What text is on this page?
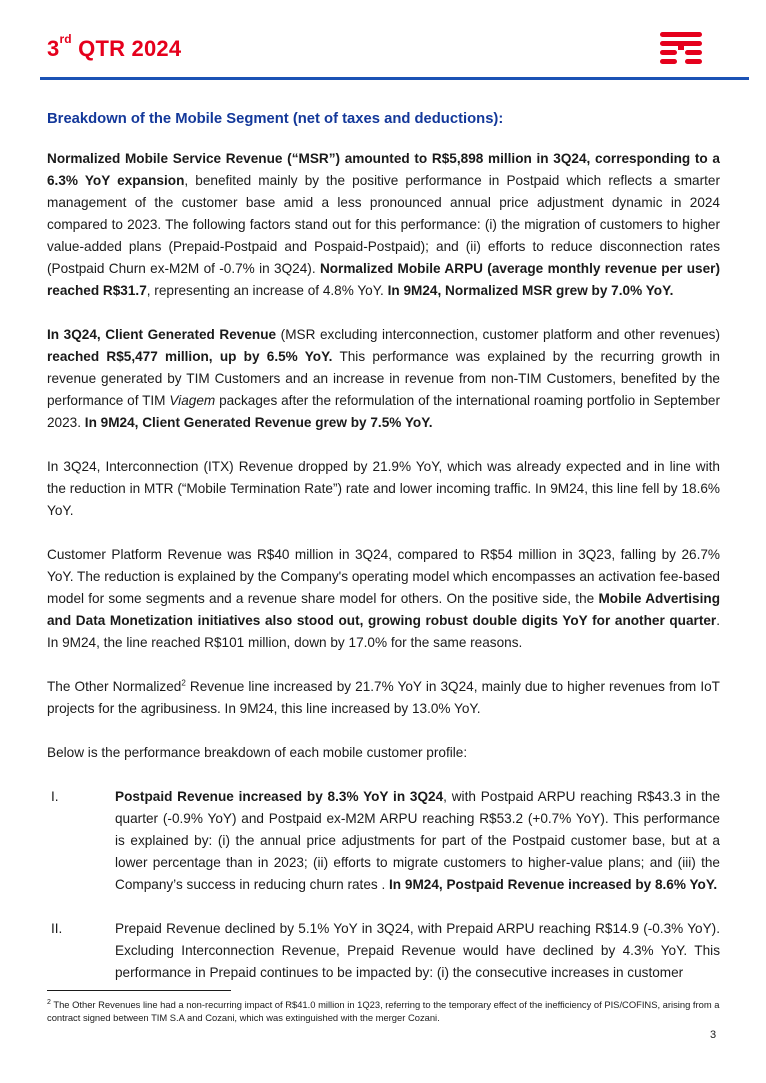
3rd QTR 2024
Breakdown of the Mobile Segment (net of taxes and deductions):

Normalized Mobile Service Revenue (“MSR”) amounted to R$5,898 million in 3Q24, corresponding to a 6.3% YoY expansion, benefited mainly by the positive performance in Postpaid which reflects a smarter management of the customer base amid a less pronounced annual price adjustment dynamic in 2024 compared to 2023. The following factors stand out for this performance: (i) the migration of customers to higher value-added plans (Prepaid-Postpaid and Pospaid-Postpaid); and (ii) efforts to reduce disconnection rates (Postpaid Churn ex-M2M of -0.7% in 3Q24). Normalized Mobile ARPU (average monthly revenue per user) reached R$31.7, representing an increase of 4.8% YoY. In 9M24, Normalized MSR grew by 7.0% YoY.

In 3Q24, Client Generated Revenue (MSR excluding interconnection, customer platform and other revenues) reached R$5,477 million, up by 6.5% YoY. This performance was explained by the recurring growth in revenue generated by TIM Customers and an increase in revenue from non-TIM Customers, benefited by the performance of TIM Viagem packages after the reformulation of the international roaming portfolio in September 2023. In 9M24, Client Generated Revenue grew by 7.5% YoY.

In 3Q24, Interconnection (ITX) Revenue dropped by 21.9% YoY, which was already expected and in line with the reduction in MTR (“Mobile Termination Rate”) rate and lower incoming traffic. In 9M24, this line fell by 18.6% YoY.

Customer Platform Revenue was R$40 million in 3Q24, compared to R$54 million in 3Q23, falling by 26.7% YoY. The reduction is explained by the Company's operating model which encompasses an activation fee-based model for some segments and a revenue share model for others. On the positive side, the Mobile Advertising and Data Monetization initiatives also stood out, growing robust double digits YoY for another quarter. In 9M24, the line reached R$101 million, down by 17.0% for the same reasons.

The Other Normalized$^2$ Revenue line increased by 21.7% YoY in 3Q24, mainly due to higher revenues from IoT projects for the agribusiness. In 9M24, this line increased by 13.0% YoY.

Below is the performance breakdown of each mobile customer profile:

I.	Postpaid Revenue increased by 8.3% YoY in 3Q24, with Postpaid ARPU reaching R$43.3 in the quarter (-0.9% YoY) and Postpaid ex-M2M ARPU reaching R$53.2 (+0.7% YoY). This performance is explained by: (i) the annual price adjustments for part of the Postpaid customer base, but at a lower percentage than in 2023; (ii) efforts to migrate customers to higher-value plans; and (iii) the Company’s success in reducing churn rates . In 9M24, Postpaid Revenue increased by 8.6% YoY.
II.	Prepaid Revenue declined by 5.1% YoY in 3Q24, with Prepaid ARPU reaching R$14.9 (-0.3% YoY). Excluding Interconnection Revenue, Prepaid Revenue would have declined by 4.3% YoY. This performance in Prepaid continues to be impacted by: (i) the consecutive increases in customer
$^2$ The Other Revenues line had a non-recurring impact of R$41.0 million in 1Q23, referring to the temporary effect of the inefficiency of PIS/COFINS, arising from a contract signed between TIM S.A and Cozani, which was extinguished with the merger Cozani.
3
